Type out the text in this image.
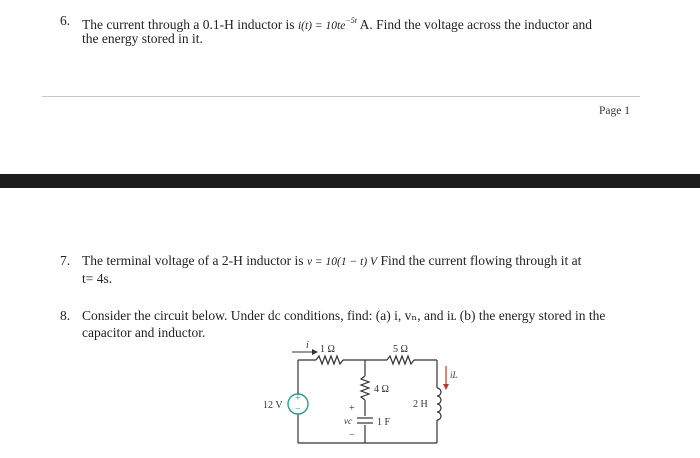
6. The current through a 0.1-H inductor is $i(t) = 10te^{-5t}$ A. Find the voltage across the inductor and
the energy stored in it.
Page 1
7. The terminal voltage of a 2-H inductor is v = 10(1 − t) V Find the current flowing through it at
t= 4s.
8. Consider the circuit below. Under dc conditions, find: (a) i, vₙ, and iʟ (b) the energy stored in the
capacitor and inductor.
+
−
12 V
i 1 Ω	5 Ω
4 Ω
1 F
+
vc
−
2 H
iL
